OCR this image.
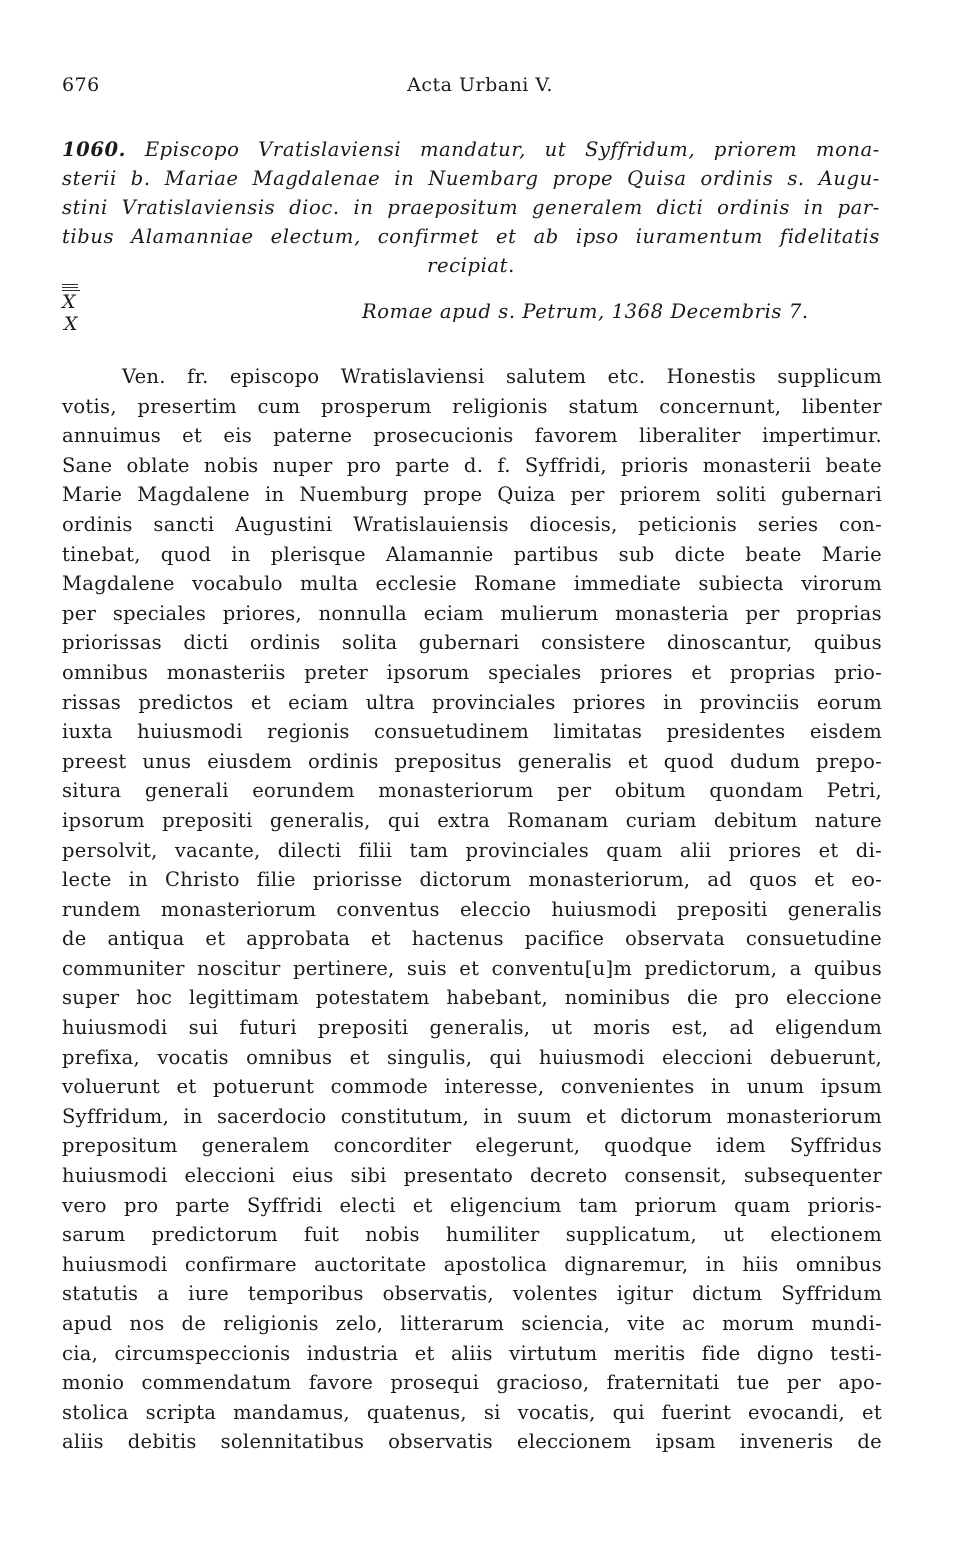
676	Acta Urbani V.
1060. Episcopo Vratislaviensi mandatur, ut Syffridum, priorem mona-
sterii b. Mariae Magdalenae in Nuembarg prope Quisa ordinis s. Augu-
stini Vratislaviensis dioc. in praepositum generalem dicti ordinis in par-
tibus Alamanniae electum, confirmet et ab ipso iuramentum fidelitatis
recipiat.
X
X
Romae apud s. Petrum, 1368 Decembris 7.
Ven. fr. episcopo Wratislaviensi salutem etc. Honestis supplicum
votis, presertim cum prosperum religionis statum concernunt, libenter
annuimus et eis paterne prosecucionis favorem liberaliter impertimur.
Sane oblate nobis nuper pro parte d. f. Syffridi, prioris monasterii beate
Marie Magdalene in Nuemburg prope Quiza per priorem soliti gubernari
ordinis sancti Augustini Wratislauiensis diocesis, peticionis series con-
tinebat, quod in plerisque Alamannie partibus sub dicte beate Marie
Magdalene vocabulo multa ecclesie Romane immediate subiecta virorum
per speciales priores, nonnulla eciam mulierum monasteria per proprias
priorissas dicti ordinis solita gubernari consistere dinoscantur, quibus
omnibus monasteriis preter ipsorum speciales priores et proprias prio-
rissas predictos et eciam ultra provinciales priores in provinciis eorum
iuxta huiusmodi regionis consuetudinem limitatas presidentes eisdem
preest unus eiusdem ordinis prepositus generalis et quod dudum prepo-
situra generali eorundem monasteriorum per obitum quondam Petri,
ipsorum prepositi generalis, qui extra Romanam curiam debitum nature
persolvit, vacante, dilecti filii tam provinciales quam alii priores et di-
lecte in Christo filie priorisse dictorum monasteriorum, ad quos et eo-
rundem monasteriorum conventus eleccio huiusmodi prepositi generalis
de antiqua et approbata et hactenus pacifice observata consuetudine
communiter noscitur pertinere, suis et conventu[u]m predictorum, a quibus
super hoc legittimam potestatem habebant, nominibus die pro eleccione
huiusmodi sui futuri prepositi generalis, ut moris est, ad eligendum
prefixa, vocatis omnibus et singulis, qui huiusmodi eleccioni debuerunt,
voluerunt et potuerunt commode interesse, convenientes in unum ipsum
Syffridum, in sacerdocio constitutum, in suum et dictorum monasteriorum
prepositum generalem concorditer elegerunt, quodque idem Syffridus
huiusmodi eleccioni eius sibi presentato decreto consensit, subsequenter
vero pro parte Syffridi electi et eligencium tam priorum quam prioris-
sarum predictorum fuit nobis humiliter supplicatum, ut electionem
huiusmodi confirmare auctoritate apostolica dignaremur, in hiis omnibus
statutis a iure temporibus observatis, volentes igitur dictum Syffridum
apud nos de religionis zelo, litterarum sciencia, vite ac morum mundi-
cia, circumspeccionis industria et aliis virtutum meritis fide digno testi-
monio commendatum favore prosequi gracioso, fraternitati tue per apo-
stolica scripta mandamus, quatenus, si vocatis, qui fuerint evocandi, et
aliis debitis solennitatibus observatis eleccionem ipsam inveneris de
